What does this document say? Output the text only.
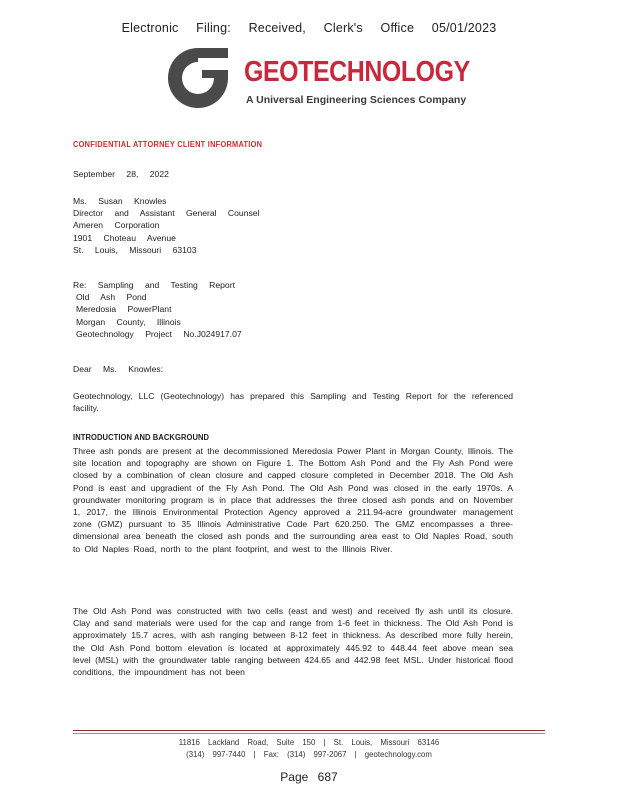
Electronic Filing: Received, Clerk's Office 05/01/2023
GEOTECHNOLOGY
A Universal Engineering Sciences Company
CONFIDENTIAL ATTORNEY CLIENT INFORMATION
September 28, 2022
Ms. Susan Knowles
Director and Assistant General Counsel
Ameren Corporation
1901 Choteau Avenue
St. Louis, Missouri 63103
Re: Sampling and Testing Report
Old Ash Pond
Meredosia PowerPlant
Morgan County, Illinois
Geotechnology Project No.J024917.07
Dear Ms. Knowles:
Geotechnology, LLC (Geotechnology) has prepared this Sampling and Testing Report for the referenced facility.
INTRODUCTION AND BACKGROUND
Three ash ponds are present at the decommissioned Meredosia Power Plant in Morgan County, Illinois. The site location and topography are shown on Figure 1. The Bottom Ash Pond and the Fly Ash Pond were closed by a combination of clean closure and capped closure completed in December 2018. The Old Ash Pond is east and upgradient of the Fly Ash Pond. The Old Ash Pond was closed in the early 1970s. A groundwater monitoring program is in place that addresses the three closed ash ponds and on November 1, 2017, the Illinois Environmental Protection Agency approved a 211.94-acre groundwater management zone (GMZ) pursuant to 35 Illinois Administrative Code Part 620.250. The GMZ encompasses a three-dimensional area beneath the closed ash ponds and the surrounding area east to Old Naples Road, south to Old Naples Road, north to the plant footprint, and west to the Illinois River.
The Old Ash Pond was constructed with two cells (east and west) and received fly ash until its closure. Clay and sand materials were used for the cap and range from 1-6 feet in thickness. The Old Ash Pond is approximately 15.7 acres, with ash ranging between 8-12 feet in thickness. As described more fully herein, the Old Ash Pond bottom elevation is located at approximately 445.92 to 448.44 feet above mean sea level (MSL) with the groundwater table ranging between 424.65 and 442.98 feet MSL. Under historical flood conditions, the impoundment has not been
11816 Lackland Road, Suite 150 | St. Louis, Missouri 63146
(314) 997-7440 | Fax: (314) 997-2067 | geotechnology.com
Page 687
